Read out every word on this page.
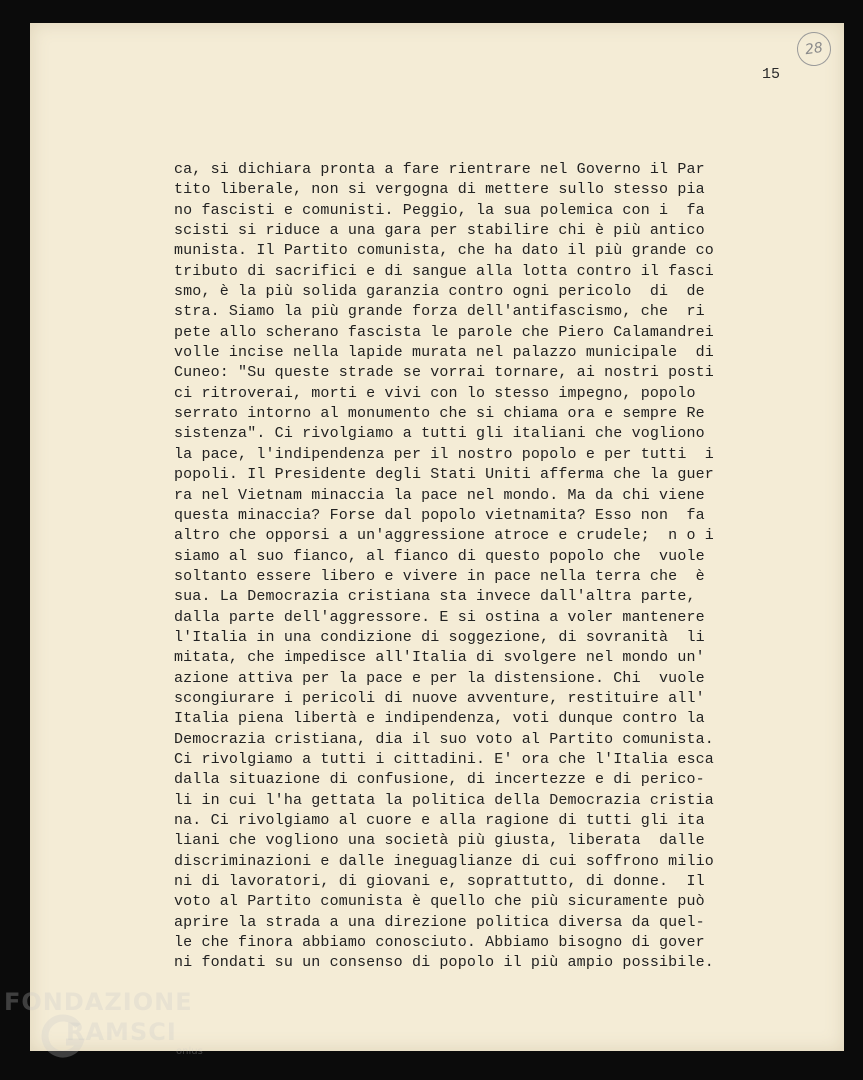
28
15
ca, si dichiara pronta a fare rientrare nel Governo il Par
tito liberale, non si vergogna di mettere sullo stesso pia
no fascisti e comunisti. Peggio, la sua polemica con i  fa
scisti si riduce a una gara per stabilire chi è più antico
munista. Il Partito comunista, che ha dato il più grande co
tributo di sacrifici e di sangue alla lotta contro il fasci
smo, è la più solida garanzia contro ogni pericolo  di  de
stra. Siamo la più grande forza dell'antifascismo, che  ri
pete allo scherano fascista le parole che Piero Calamandrei
volle incise nella lapide murata nel palazzo municipale  di
Cuneo: "Su queste strade se vorrai tornare, ai nostri posti
ci ritroverai, morti e vivi con lo stesso impegno, popolo
serrato intorno al monumento che si chiama ora e sempre Re
sistenza". Ci rivolgiamo a tutti gli italiani che vogliono
la pace, l'indipendenza per il nostro popolo e per tutti  i
popoli. Il Presidente degli Stati Uniti afferma che la guer
ra nel Vietnam minaccia la pace nel mondo. Ma da chi viene
questa minaccia? Forse dal popolo vietnamita? Esso non  fa
altro che opporsi a un'aggressione atroce e crudele;  n o i
siamo al suo fianco, al fianco di questo popolo che  vuole
soltanto essere libero e vivere in pace nella terra che  è
sua. La Democrazia cristiana sta invece dall'altra parte,
dalla parte dell'aggressore. E si ostina a voler mantenere
l'Italia in una condizione di soggezione, di sovranità  li
mitata, che impedisce all'Italia di svolgere nel mondo un'
azione attiva per la pace e per la distensione. Chi  vuole
scongiurare i pericoli di nuove avventure, restituire all'
Italia piena libertà e indipendenza, voti dunque contro la
Democrazia cristiana, dia il suo voto al Partito comunista.
Ci rivolgiamo a tutti i cittadini. E' ora che l'Italia esca
dalla situazione di confusione, di incertezze e di perico-
li in cui l'ha gettata la politica della Democrazia cristia
na. Ci rivolgiamo al cuore e alla ragione di tutti gli ita
liani che vogliono una società più giusta, liberata  dalle
discriminazioni e dalle ineguaglianze di cui soffrono milio
ni di lavoratori, di giovani e, soprattutto, di donne.  Il
voto al Partito comunista è quello che più sicuramente può
aprire la strada a una direzione politica diversa da quel-
le che finora abbiamo conosciuto. Abbiamo bisogno di gover
ni fondati su un consenso di popolo il più ampio possibile.
FONDAZIONE
RAMSCI
onlus
